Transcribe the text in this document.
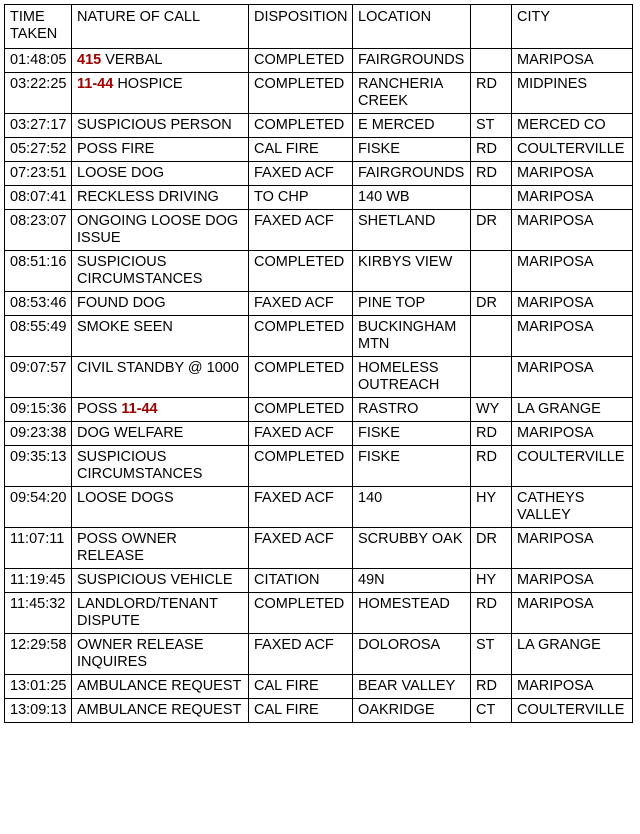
TIME TAKEN	NATURE OF CALL	DISPOSITION	LOCATION		CITY
01:48:05	415 VERBAL	COMPLETED	FAIRGROUNDS		MARIPOSA
03:22:25	11-44 HOSPICE	COMPLETED	RANCHERIA CREEK	RD	MIDPINES
03:27:17	SUSPICIOUS PERSON	COMPLETED	E MERCED	ST	MERCED CO
05:27:52	POSS FIRE	CAL FIRE	FISKE	RD	COULTERVILLE
07:23:51	LOOSE DOG	FAXED ACF	FAIRGROUNDS	RD	MARIPOSA
08:07:41	RECKLESS DRIVING	TO CHP	140 WB		MARIPOSA
08:23:07	ONGOING LOOSE DOG ISSUE	FAXED ACF	SHETLAND	DR	MARIPOSA
08:51:16	SUSPICIOUS CIRCUMSTANCES	COMPLETED	KIRBYS VIEW		MARIPOSA
08:53:46	FOUND DOG	FAXED ACF	PINE TOP	DR	MARIPOSA
08:55:49	SMOKE SEEN	COMPLETED	BUCKINGHAM MTN		MARIPOSA
09:07:57	CIVIL STANDBY @ 1000	COMPLETED	HOMELESS OUTREACH		MARIPOSA
09:15:36	POSS 11-44	COMPLETED	RASTRO	WY	LA GRANGE
09:23:38	DOG WELFARE	FAXED ACF	FISKE	RD	MARIPOSA
09:35:13	SUSPICIOUS CIRCUMSTANCES	COMPLETED	FISKE	RD	COULTERVILLE
09:54:20	LOOSE DOGS	FAXED ACF	140	HY	CATHEYS VALLEY
11:07:11	POSS OWNER RELEASE	FAXED ACF	SCRUBBY OAK	DR	MARIPOSA
11:19:45	SUSPICIOUS VEHICLE	CITATION	49N	HY	MARIPOSA
11:45:32	LANDLORD/TENANT DISPUTE	COMPLETED	HOMESTEAD	RD	MARIPOSA
12:29:58	OWNER RELEASE INQUIRES	FAXED ACF	DOLOROSA	ST	LA GRANGE
13:01:25	AMBULANCE REQUEST	CAL FIRE	BEAR VALLEY	RD	MARIPOSA
13:09:13	AMBULANCE REQUEST	CAL FIRE	OAKRIDGE	CT	COULTERVILLE
